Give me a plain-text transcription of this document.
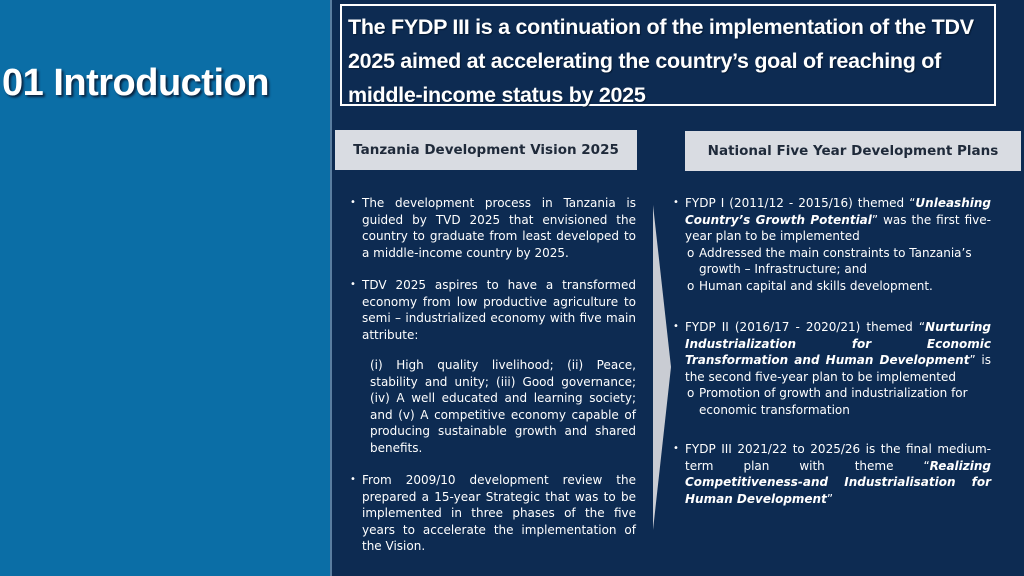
01 Introduction
The FYDP III is a continuation of the implementation of the TDV 2025 aimed at accelerating the country’s goal of reaching of middle-income status by 2025
Tanzania Development Vision 2025	National Five Year Development Plans
• The development process in Tanzania is guided by TVD 2025 that envisioned the country to graduate from least developed to a middle-income country by 2025.
• TDV 2025 aspires to have a transformed economy from low productive agriculture to semi – industrialized economy with five main attribute:
(i) High quality livelihood; (ii) Peace, stability and unity; (iii) Good governance; (iv) A well educated and learning society; and (v) A competitive economy capable of producing sustainable growth and shared benefits.
• From 2009/10 development review the prepared a 15-year Strategic that was to be implemented in three phases of the five years to accelerate the implementation of the Vision.
• FYDP I (2011/12 - 2015/16) themed “Unleashing Country’s Growth Potential” was the first five-year plan to be implemented
o Addressed the main constraints to Tanzania’s growth – Infrastructure; and
o Human capital and skills development.
• FYDP II (2016/17 - 2020/21) themed “Nurturing Industrialization for Economic Transformation and Human Development” is the second five-year plan to be implemented
o Promotion of growth and industrialization for economic transformation
• FYDP III 2021/22 to 2025/26 is the final medium-term plan with theme “Realizing Competitiveness-and Industrialisation for Human Development”
